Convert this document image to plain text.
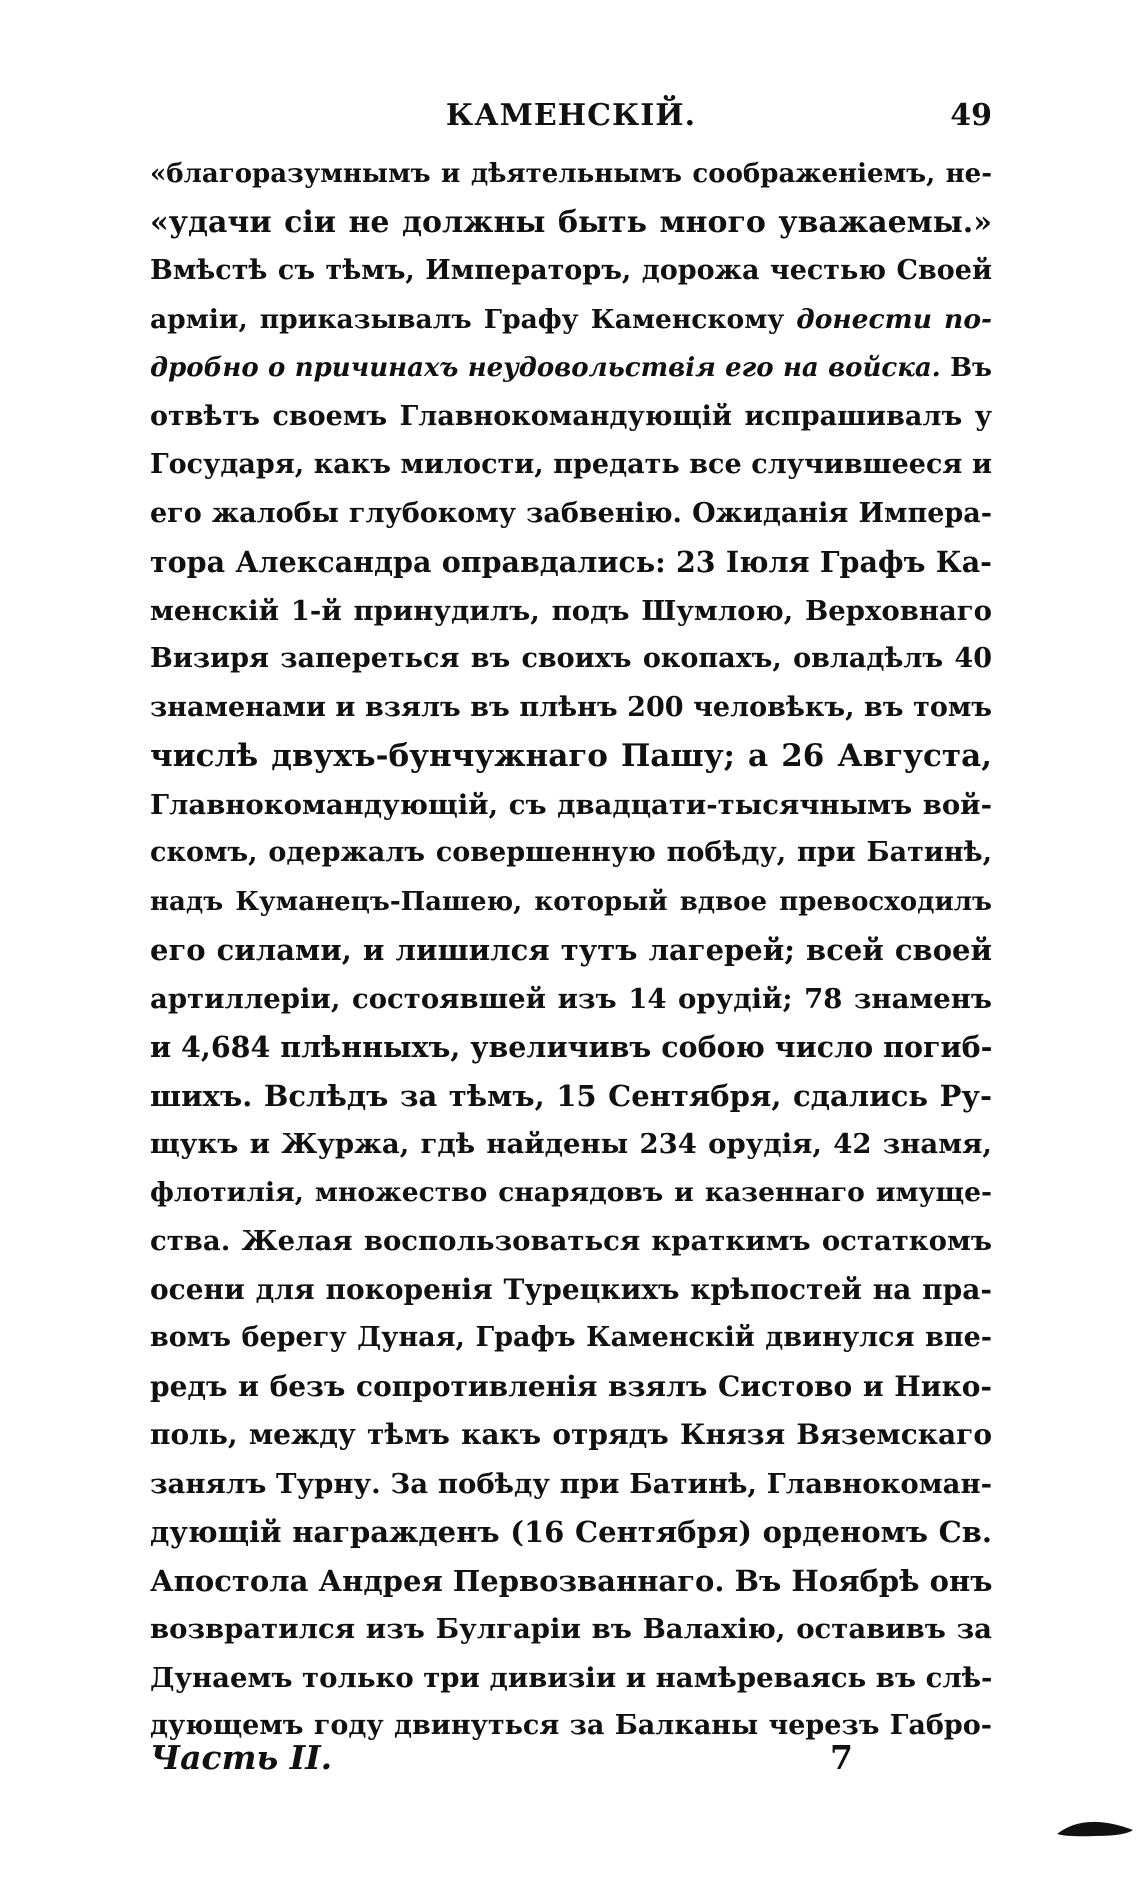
КАМЕНСКІЙ.	49
«благоразумнымъ и дѣятельнымъ соображеніемъ, не-
«удачи сіи не должны быть много уважаемы.»
Вмѣстѣ съ тѣмъ, Императоръ, дорожа честью Своей
арміи, приказывалъ Графу Каменскому донести по-
дробно о причинахъ неудовольствія его на войска. Въ
отвѣтъ своемъ Главнокомандующій испрашивалъ у
Государя, какъ милости, предать все случившееся и
его жалобы глубокому забвенію. Ожиданія Импера-
тора Александра оправдались: 23 Іюля Графъ Ка-
менскій 1-й принудилъ, подъ Шумлою, Верховнаго
Визиря запереться въ своихъ окопахъ, овладѣлъ 40
знаменами и взялъ въ плѣнъ 200 человѣкъ, въ томъ
числѣ двухъ-бунчужнаго Пашу; а 26 Августа,
Главнокомандующій, съ двадцати-тысячнымъ вой-
скомъ, одержалъ совершенную побѣду, при Батинѣ,
надъ Куманецъ-Пашею, который вдвое превосходилъ
его силами, и лишился тутъ лагерей; всей своей
артиллеріи, состоявшей изъ 14 орудій; 78 знаменъ
и 4,684 плѣнныхъ, увеличивъ собою число погиб-
шихъ. Вслѣдъ за тѣмъ, 15 Сентября, сдались Ру-
щукъ и Журжа, гдѣ найдены 234 орудія, 42 знамя,
флотилія, множество снарядовъ и казеннаго имуще-
ства. Желая воспользоваться краткимъ остаткомъ
осени для покоренія Турецкихъ крѣпостей на пра-
вомъ берегу Дуная, Графъ Каменскій двинулся впе-
редъ и безъ сопротивленія взялъ Систово и Нико-
поль, между тѣмъ какъ отрядъ Князя Вяземскаго
занялъ Турну. За побѣду при Батинѣ, Главнокоман-
дующій награжденъ (16 Сентября) орденомъ Св.
Апостола Андрея Первозваннаго. Въ Ноябрѣ онъ
возвратился изъ Булгаріи въ Валахію, оставивъ за
Дунаемъ только три дивизіи и намѣреваясь въ слѣ-
дующемъ году двинуться за Балканы черезъ Габро-
Часть II.	7
